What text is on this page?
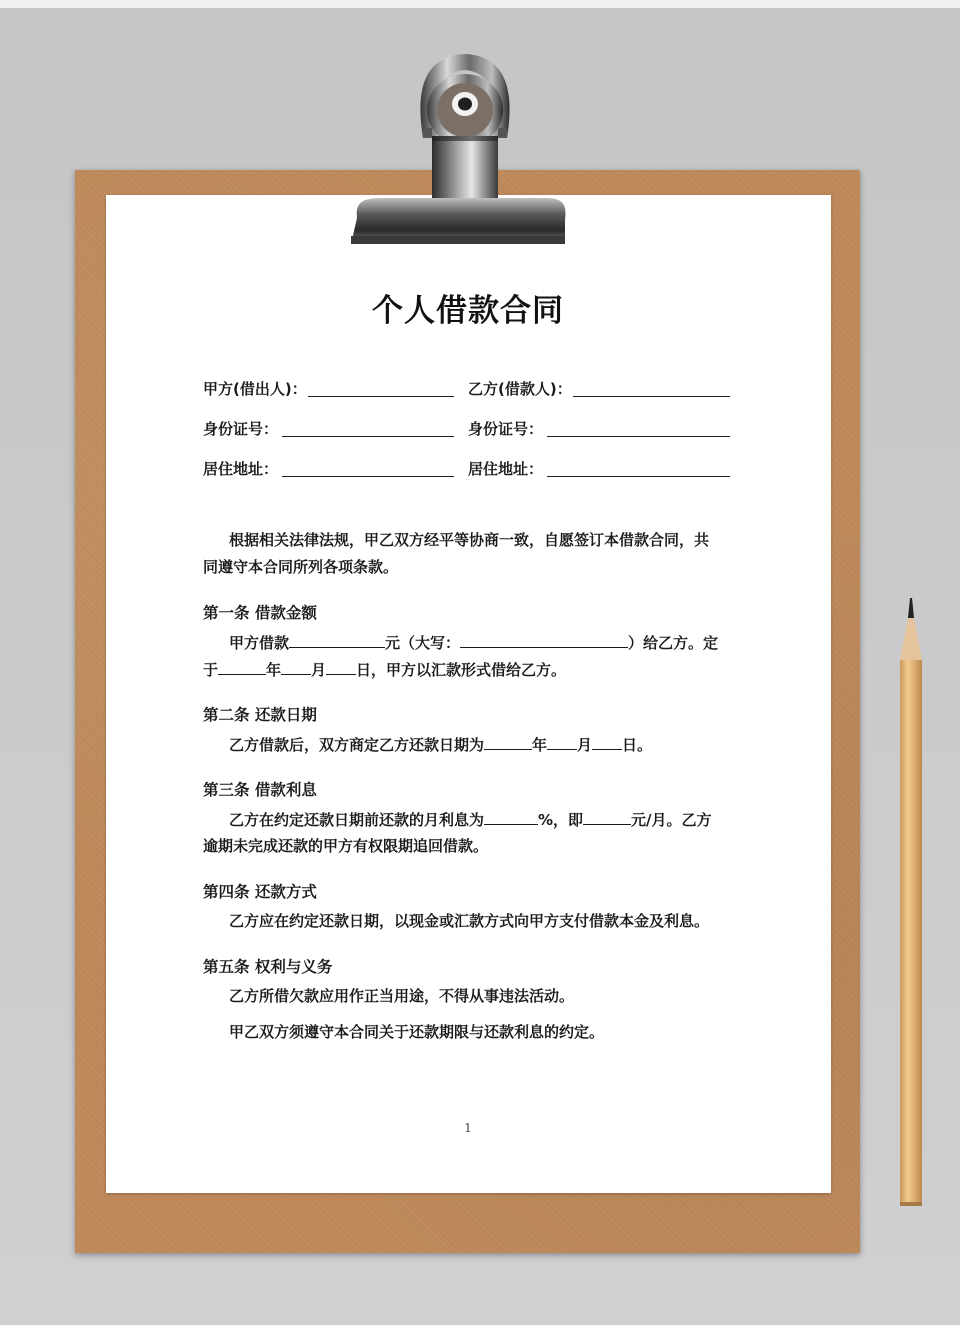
个人借款合同
甲方(借出人)：	乙方(借款人)：
身份证号：	身份证号：
居住地址：	居住地址：
根据相关法律法规，甲乙双方经平等协商一致，自愿签订本借款合同，共
同遵守本合同所列各项条款。
第一条 借款金额
甲方借款	元（大写：	）给乙方。定
于	年 月 日，甲方以汇款形式借给乙方。
第二条 还款日期
乙方借款后，双方商定乙方还款日期为	年 月 日。
第三条 借款利息
乙方在约定还款日期前还款的月利息为	%，即	元/月。乙方
逾期未完成还款的甲方有权限期追回借款。
第四条 还款方式
乙方应在约定还款日期，以现金或汇款方式向甲方支付借款本金及利息。
第五条 权利与义务
乙方所借欠款应用作正当用途，不得从事违法活动。
甲乙双方须遵守本合同关于还款期限与还款利息的约定。
1
